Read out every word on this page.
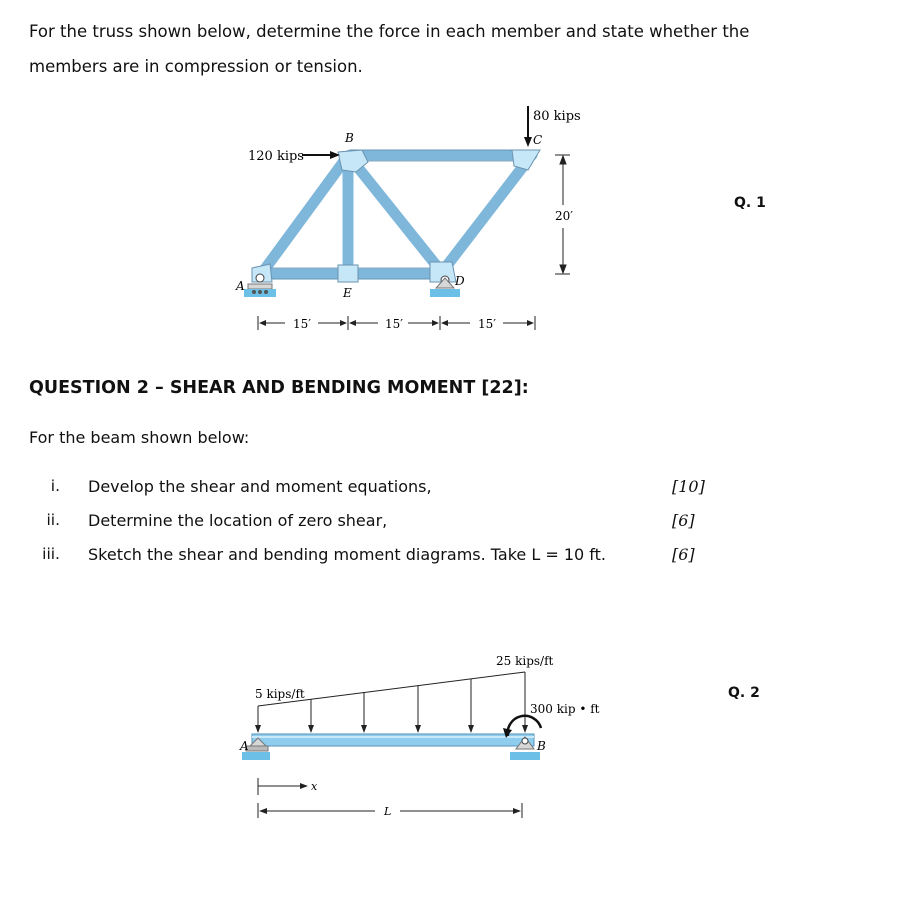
For the truss shown below, determine the force in each member and state whether the members are in compression or tension.
Q. 1
80 kips
120 kips
B	C
A	D
E
20′
15′	15′	15′
QUESTION 2 – SHEAR AND BENDING MOMENT [22]:
For the beam shown below:
i. Develop the shear and moment equations,	[10]
ii. Determine the location of zero shear,	[6]
iii. Sketch the shear and bending moment diagrams. Take L = 10 ft.	[6]
Q. 2
25 kips/ft
5 kips/ft
300 kip • ft
A	B
x
L
